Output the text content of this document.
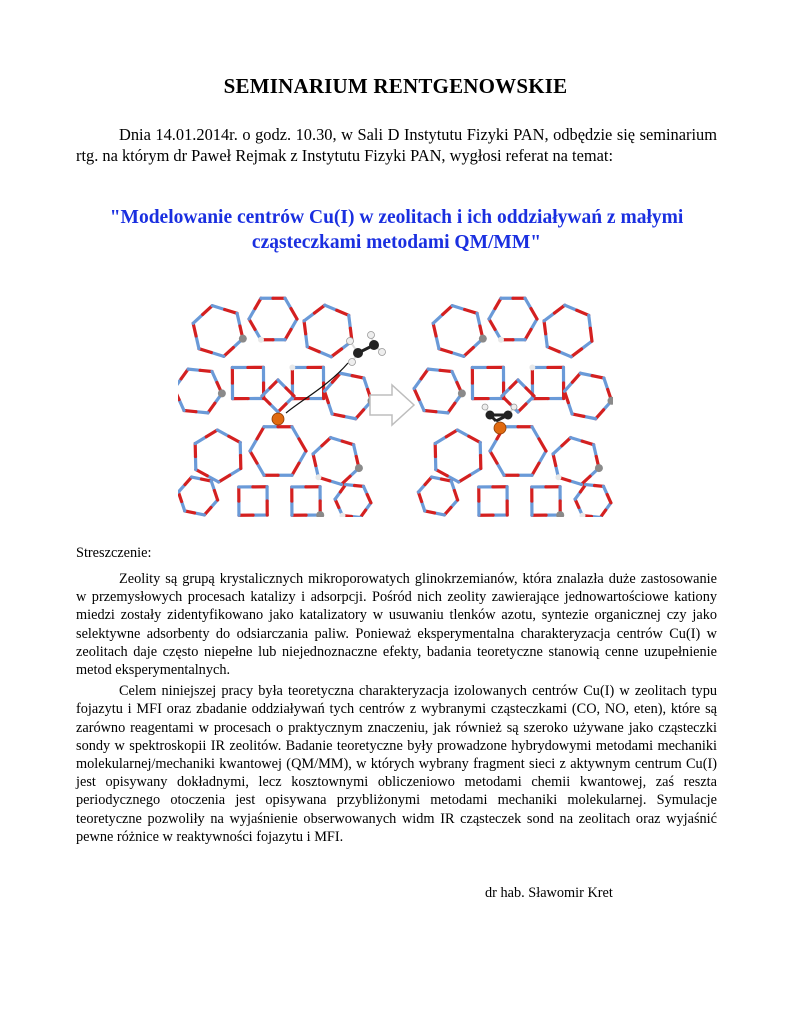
SEMINARIUM RENTGENOWSKIE

Dnia 14.01.2014r. o godz. 10.30, w Sali D Instytutu Fizyki PAN, odbędzie się seminarium rtg. na którym dr Paweł Rejmak z Instytutu Fizyki PAN, wygłosi referat na temat:

"Modelowanie centrów Cu(I) w zeolitach i ich oddziaływań z małymi
cząsteczkami metodami QM/MM"

Streszczenie:

Zeolity są grupą krystalicznych mikroporowatych glinokrzemianów, która znalazła duże zastosowanie w przemysłowych procesach katalizy i adsorpcji. Pośród nich zeolity zawierające jednowartościowe kationy miedzi zostały zidentyfikowano jako katalizatory w usuwaniu tlenków azotu, syntezie organicznej czy jako selektywne adsorbenty do odsiarczania paliw. Ponieważ eksperymentalna charakteryzacja centrów Cu(I) w zeolitach daje często niepełne lub niejednoznaczne efekty, badania teoretyczne stanowią cenne uzupełnienie metod eksperymentalnych.

Celem niniejszej pracy była teoretyczna charakteryzacja izolowanych centrów Cu(I) w zeolitach typu fojazytu i MFI oraz zbadanie oddziaływań tych centrów z wybranymi cząsteczkami (CO, NO, eten), które są zarówno reagentami w procesach o praktycznym znaczeniu, jak również są szeroko używane jako cząsteczki sondy w spektroskopii IR zeolitów. Badanie teoretyczne były prowadzone hybrydowymi metodami mechaniki molekularnej/mechaniki kwantowej (QM/MM), w których wybrany fragment sieci z aktywnym centrum Cu(I) jest opisywany dokładnymi, lecz kosztownymi obliczeniowo metodami chemii kwantowej, zaś reszta periodycznego otoczenia jest opisywana przybliżonymi metodami mechaniki molekularnej. Symulacje teoretyczne pozwoliły na wyjaśnienie obserwowanych widm IR cząsteczek sond na zeolitach oraz wyjaśnić pewne różnice w reaktywności fojazytu i MFI.

dr hab. Sławomir Kret
